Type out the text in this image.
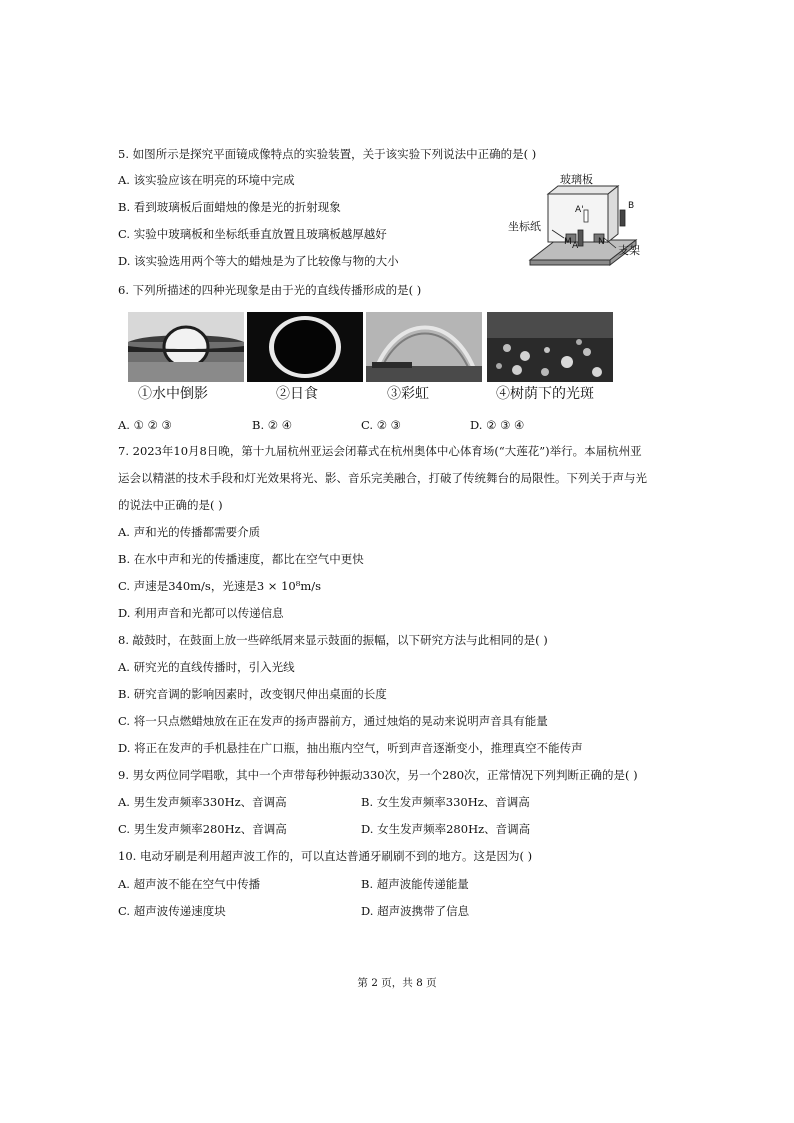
5. 如图所示是探究平面镜成像特点的实验装置，关于该实验下列说法中正确的是( )
A. 该实验应该在明亮的环境中完成
B. 看到玻璃板后面蜡烛的像是光的折射现象
C. 实验中玻璃板和坐标纸垂直放置且玻璃板越厚越好
D. 该实验选用两个等大的蜡烛是为了比较像与物的大小
玻璃板
坐标纸
支架
A'	B
M A N
6. 下列所描述的四种光现象是由于光的直线传播形成的是( )
①水中倒影	②日食	③彩虹	④树荫下的光斑
A. ① ② ③	B. ② ④	C. ② ③	D. ② ③ ④
7. 2023年10月8日晚，第十九届杭州亚运会闭幕式在杭州奥体中心体育场(“大莲花”)举行。本届杭州亚
运会以精湛的技术手段和灯光效果将光、影、音乐完美融合，打破了传统舞台的局限性。下列关于声与光
的说法中正确的是( )
A. 声和光的传播都需要介质
B. 在水中声和光的传播速度，都比在空气中更快
C. 声速是340m/s，光速是3 × 10⁸m/s
D. 利用声音和光都可以传递信息
8. 敲鼓时，在鼓面上放一些碎纸屑来显示鼓面的振幅，以下研究方法与此相同的是( )
A. 研究光的直线传播时，引入光线
B. 研究音调的影响因素时，改变钢尺伸出桌面的长度
C. 将一只点燃蜡烛放在正在发声的扬声器前方，通过烛焰的晃动来说明声音具有能量
D. 将正在发声的手机悬挂在广口瓶，抽出瓶内空气，听到声音逐渐变小，推理真空不能传声
9. 男女两位同学唱歌，其中一个声带每秒钟振动330次，另一个280次，正常情况下列判断正确的是( )
A. 男生发声频率330Hz、音调高	B. 女生发声频率330Hz、音调高
C. 男生发声频率280Hz、音调高	D. 女生发声频率280Hz、音调高
10. 电动牙刷是利用超声波工作的，可以直达普通牙刷刷不到的地方。这是因为( )
A. 超声波不能在空气中传播	B. 超声波能传递能量
C. 超声波传递速度块	D. 超声波携带了信息
第 2 页，共 8 页
